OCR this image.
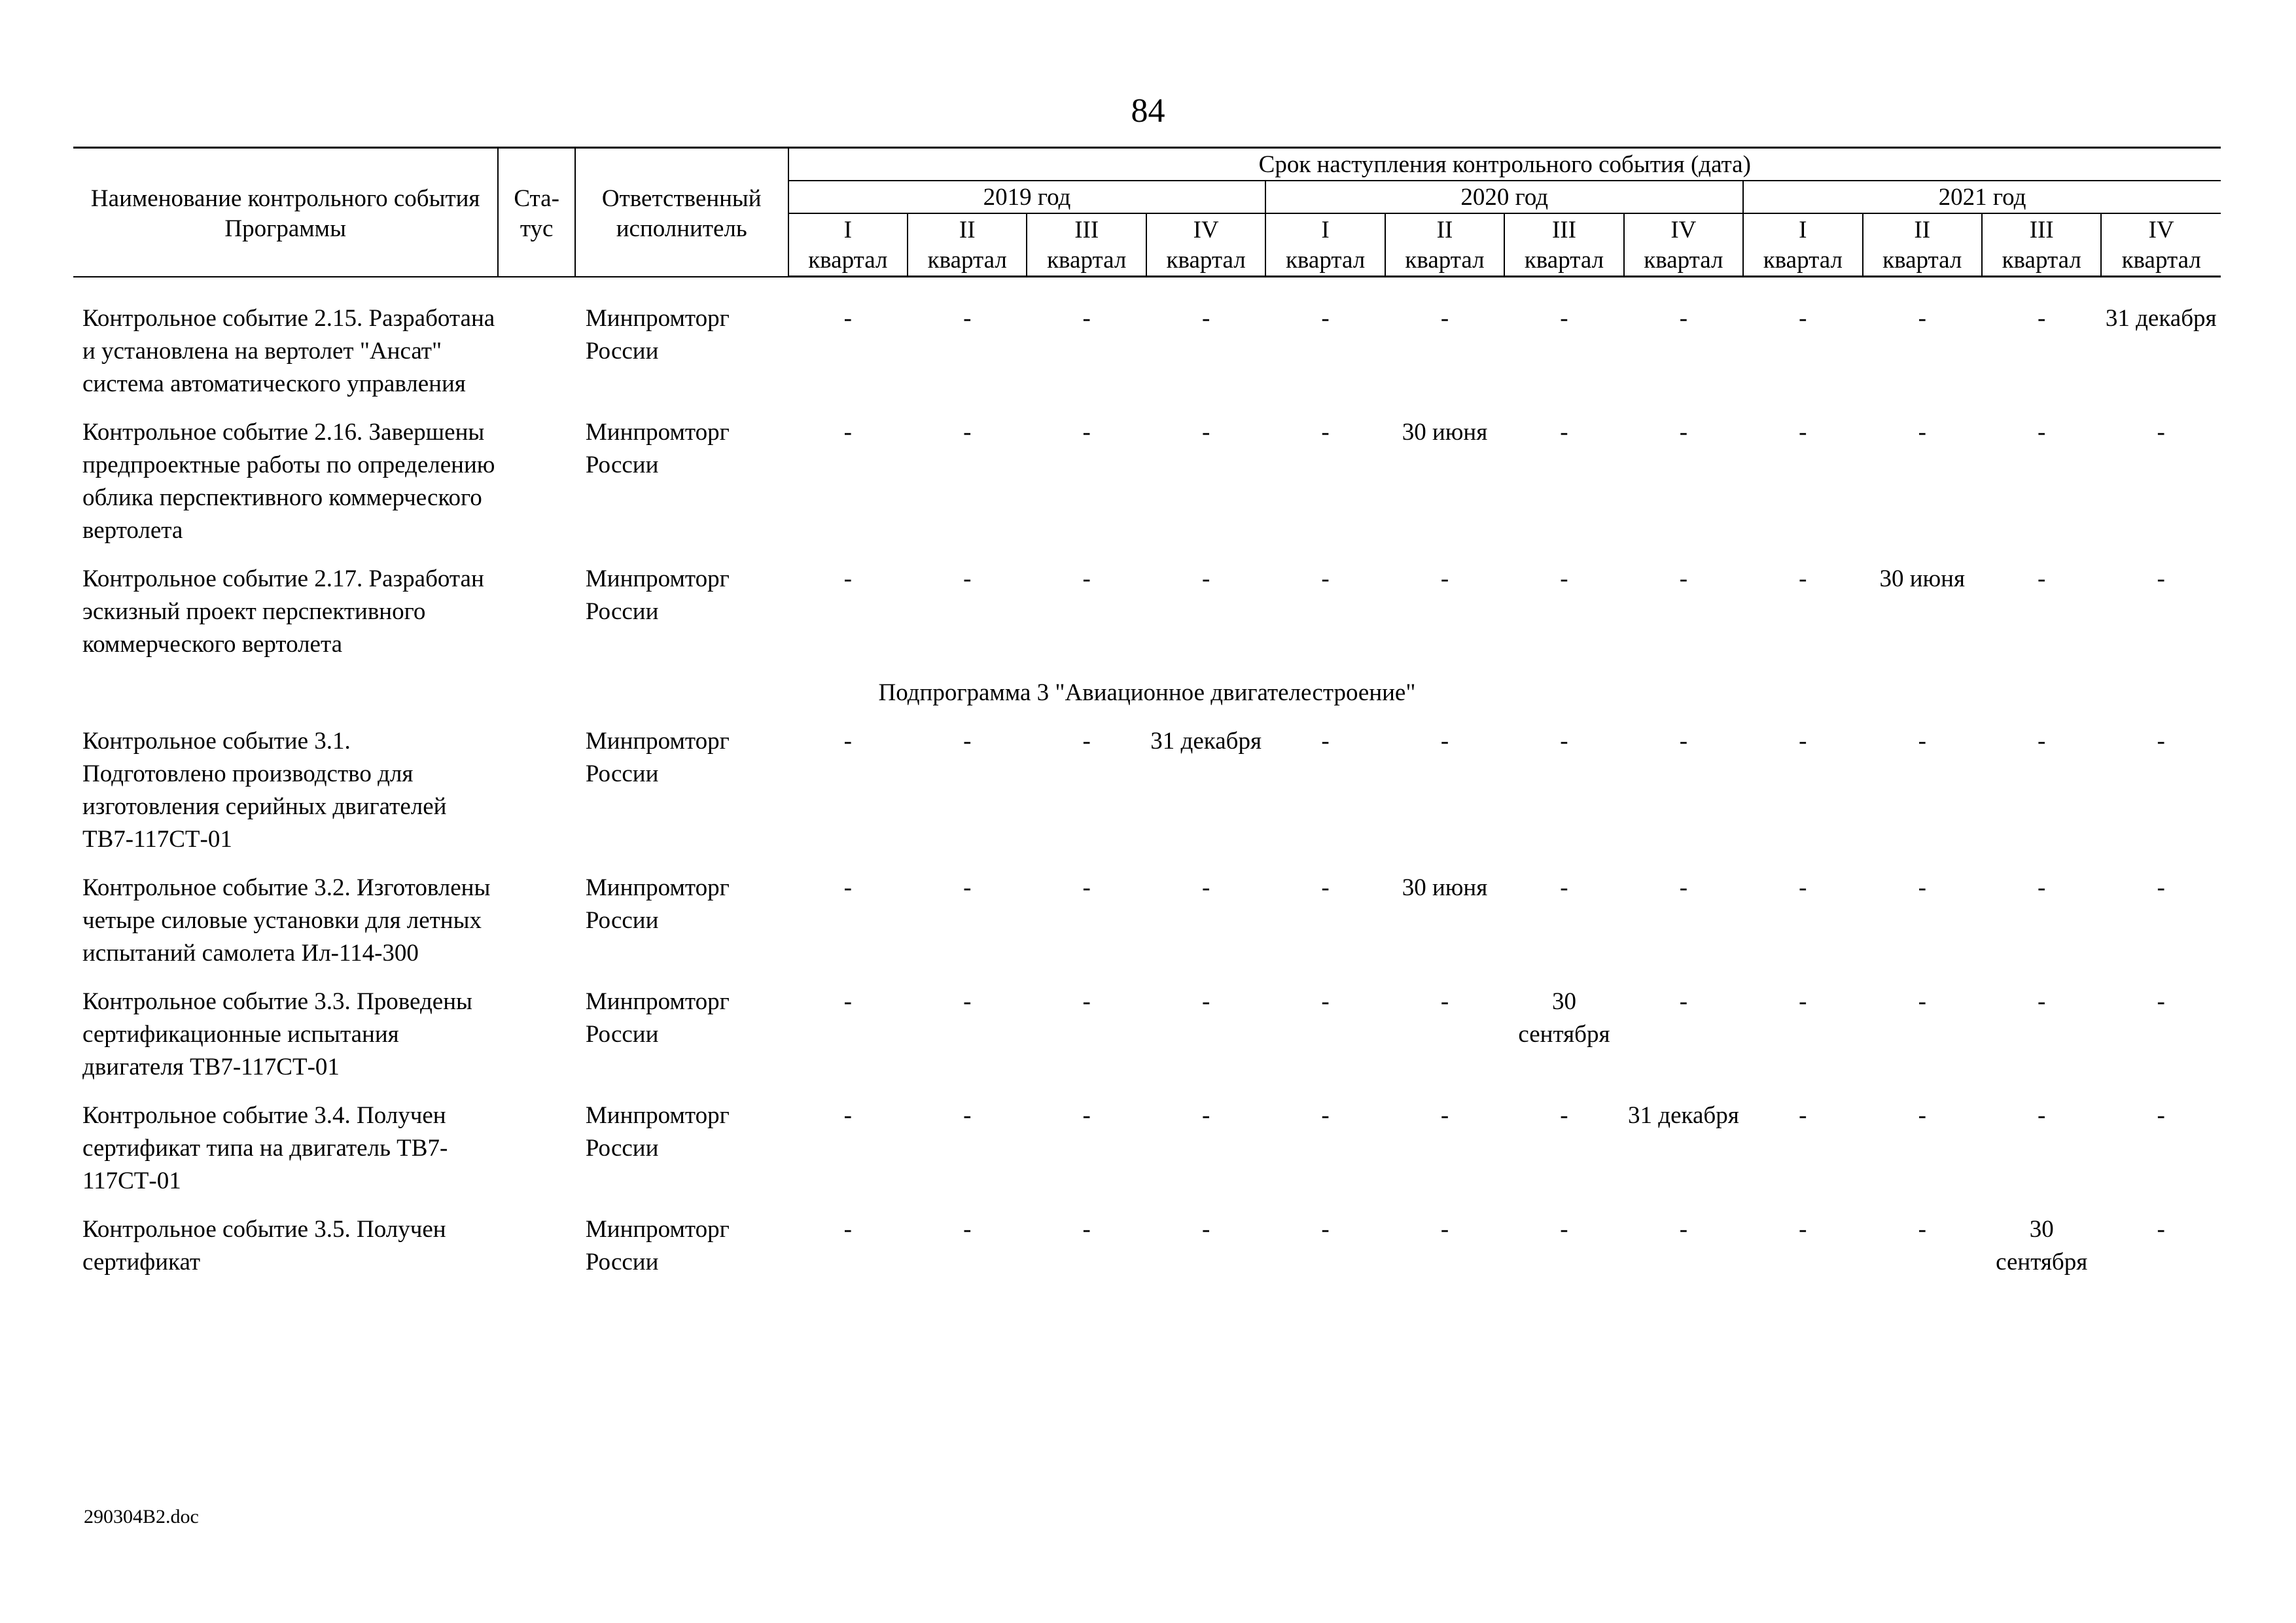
84
Наименование контрольного события Программы	Ста-тус	Ответственный исполнитель	Срок наступления контрольного события (дата)											
			2019 год				2020 год				2021 год			
			I	II	III	IV	I	II	III	IV	I	II	III	IV
			квартал	квартал	квартал	квартал	квартал	квартал	квартал	квартал	квартал	квартал	квартал	квартал

Контрольное событие 2.15. Разработана и установлена на вертолет "Ансат" система автоматического управления		Минпромторг России	-	-	-	-	-	-	-	-	-	-	-	31 декабря
Контрольное событие 2.16. Завершены предпроектные работы по определению облика перспективного коммерческого вертолета		Минпромторг России	-	-	-	-	-	30 июня	-	-	-	-	-	-
Контрольное событие 2.17. Разработан эскизный проект перспективного коммерческого вертолета		Минпромторг России	-	-	-	-	-	-	-	-	-	30 июня	-	-
Подпрограмма 3 "Авиационное двигателестроение"														
Контрольное событие 3.1. Подготовлено производство для изготовления серийных двигателей ТВ7-117СТ-01		Минпромторг России	-	-	-	31 декабря	-	-	-	-	-	-	-	-
Контрольное событие 3.2. Изготовлены четыре силовые установки для летных испытаний самолета Ил-114-300		Минпромторг России	-	-	-	-	-	30 июня	-	-	-	-	-	-
Контрольное событие 3.3. Проведены сертификационные испытания двигателя ТВ7-117СТ-01		Минпромторг России	-	-	-	-	-	-	30 сентября	-	-	-	-	-
Контрольное событие 3.4. Получен сертификат типа на двигатель ТВ7-117СТ-01		Минпромторг России	-	-	-	-	-	-	-	31 декабря	-	-	-	-
Контрольное событие 3.5. Получен сертификат		Минпромторг России	-	-	-	-	-	-	-	-	-	-	30 сентября	-
290304В2.doc
